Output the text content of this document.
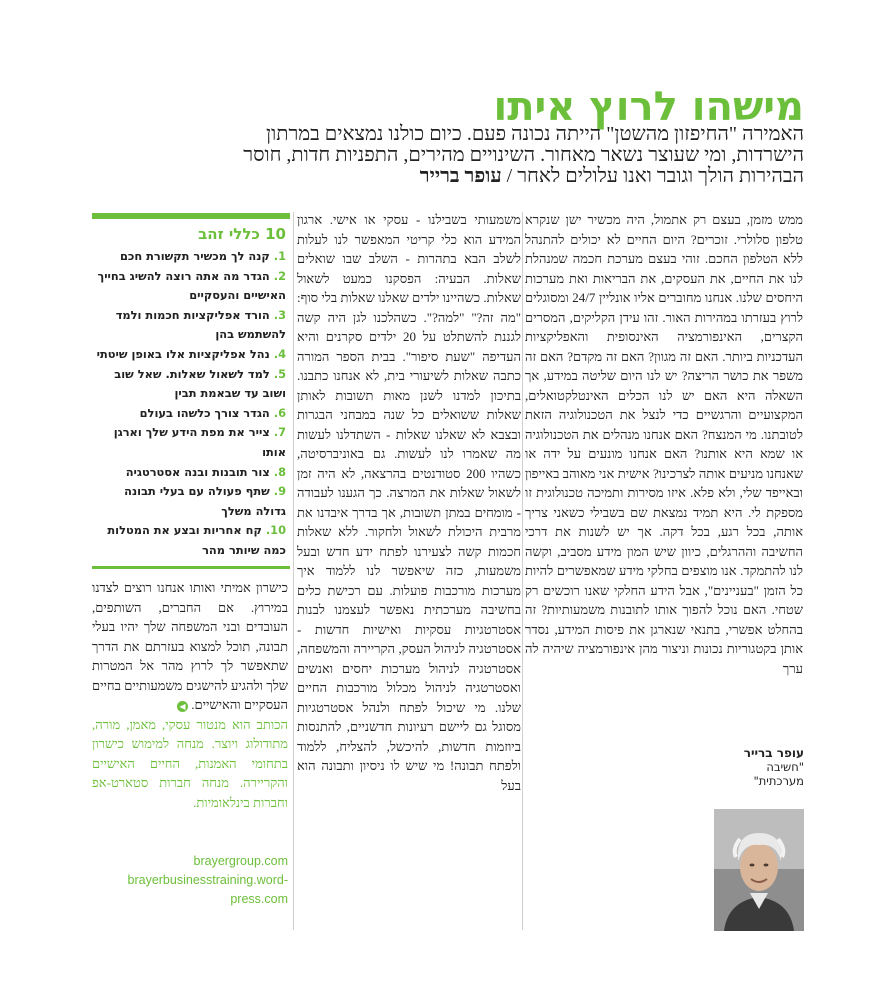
מישהו לרוץ איתו
האמירה "החיפזון מהשטן" הייתה נכונה פעם. כיום כולנו נמצאים במרתון
הישרדות, ומי שעוצר נשאר מאחור. השינויים מהירים, התפניות חדות, חוסר
הבהירות הולך וגובר ואנו עלולים לאחר / עופר ברייר

ממש מזמן, בעצם רק אתמול, היה מכשיר ישן שנקרא טלפון סלולרי. זוכרים? היום החיים לא יכולים להתנהל ללא הטלפון החכם. זוהי בעצם מערכת חכמה שמנהלת לנו את החיים, את העסקים, את הבריאות ואת מערכות היחסים שלנו. אנחנו מחוברים אליו אונליין 24/7 ומסוגלים לרוץ בעזרתו במהירות האור. זהו עידן הקליקים, המסרים הקצרים, האינפורמציה האינסופית והאפליקציות העדכניות ביותר. האם זה מגוון? האם זה מקדם? האם זה משפר את כושר הריצה? יש לנו היום שליטה במידע, אך השאלה היא האם יש לנו הכלים האינטלקטואלים, המקצועיים והרגשיים כדי לנצל את הטכנולוגיה הזאת לטובתנו. מי המנצח? האם אנחנו מנהלים את הטכנולוגיה או שמא היא אותנו? האם אנחנו מונעים על ידה או שאנחנו מניעים אותה לצרכינו? אישית אני מאוהב באייפון ובאייפד שלי, ולא פלא. איזו מסירות ותמיכה טכנולוגית זו מספקת לי. היא תמיד נמצאת שם בשבילי כשאני צריך אותה, בכל רגע, בכל דקה. אך יש לשנות את דרכי החשיבה וההרגלים, כיוון שיש המון מידע מסביב, וקשה לנו להתמקד. אנו מוצפים בחלקי מידע שמאפשרים להיות כל הזמן "בעניינים", אבל הידע החלקי שאנו רוכשים רק שטחי. האם נוכל להפוך אותו לתובנות משמעותיות? זה בהחלט אפשרי, בתנאי שנארגן את פיסות המידע, נסדר אותן בקטגוריות נכונות וניצור מהן אינפורמציה שיהיה לה ערך

משמעותי בשבילנו - עסקי או אישי. ארגון המידע הוא כלי קריטי המאפשר לנו לעלות לשלב הבא בתהרות - השלב שבו שואלים שאלות. הבעיה: הפסקנו כמעט לשאול שאלות. כשהיינו ילדים שאלנו שאלות בלי סוף: "מה זה?" "למה?". כשהלכנו לגן היה קשה לגננת להשתלט על 20 ילדים סקרנים והיא העדיפה "שעת סיפור". בבית הספר המורה כתבה שאלות לשיעורי בית, לא אנחנו כתבנו. בתיכון למדנו לשנן מאות תשובות לאותן שאלות ששואלים כל שנה במבחני הבגרות ובצבא לא שאלנו שאלות - השתדלנו לעשות מה שאמרו לנו לעשות. גם באוניברסיטה, כשהיו 200 סטודנטים בהרצאה, לא היה זמן לשאול שאלות את המרצה. כך הגענו לעבודה - מומחים במתן תשובות, אך בדרך איבדנו את מרבית היכולת לשאול ולחקור. ללא שאלות חכמות קשה לצעירנו לפתח ידע חדש ובעל משמעות, כזה שיאפשר לנו ללמוד איך מערכות מורכבות פועלות. עם רכישת כלים בחשיבה מערכתית נאפשר לעצמנו לבנות אסטרטגיות עסקיות ואישיות חדשות - אסטרטגיה לניהול העסק, הקריירה והמשפחה, אסטרטגיה לניהול מערכות יחסים ואנשים ואסטרטגיה לניהול מכלול מורכבות החיים שלנו. מי שיכול לפתח ולנהל אסטרטגיות מסוגל גם ליישם רעיונות חדשניים, להתנסות ביוזמות חדשות, להיכשל, להצליח, ללמוד ולפתח תבונה! מי שיש לו ניסיון ותבונה הוא בעל

10 כללי זהב
1. קנה לך מכשיר תקשורת חכם
2. הגדר מה אתה רוצה להשיג בחייך האישיים והעסקיים
3. הורד אפליקציות חכמות ולמד להשתמש בהן
4. נהל אפליקציות אלו באופן שיטתי
5. למד לשאול שאלות. שאל שוב ושוב עד שבאמת תבין
6. הגדר צורך כלשהו בעולם
7. צייר את מפת הידע שלך וארגן אותו
8. צור תובנות ובנה אסטרטגיה
9. שתף פעולה עם בעלי תבונה גדולה משלך
10. קח אחריות ובצע את המטלות כמה שיותר מהר

כישרון אמיתי ואותו אנחנו רוצים לצדנו במירוץ. אם החברים, השותפים, העובדים ובני המשפחה שלך יהיו בעלי תבונה, תוכל למצוא בעזרתם את הדרך שתאפשר לך לרוץ מהר אל המטרות שלך ולהגיע להישגים משמעותיים בחיים העסקיים והאישיים. ◀

הכותב הוא מנטור עסקי, מאמן, מורה, מתודולוג ויוצר. מנחה למימוש כישרון בתחומי האמנות, החיים האישיים והקריירה. מנחה חברות סטארט-אפ וחברות בינלאומיות.

brayergroup.com
brayerbusinesstraining.word-press.com
עופר ברייר
"חשיבה מערכתית"
